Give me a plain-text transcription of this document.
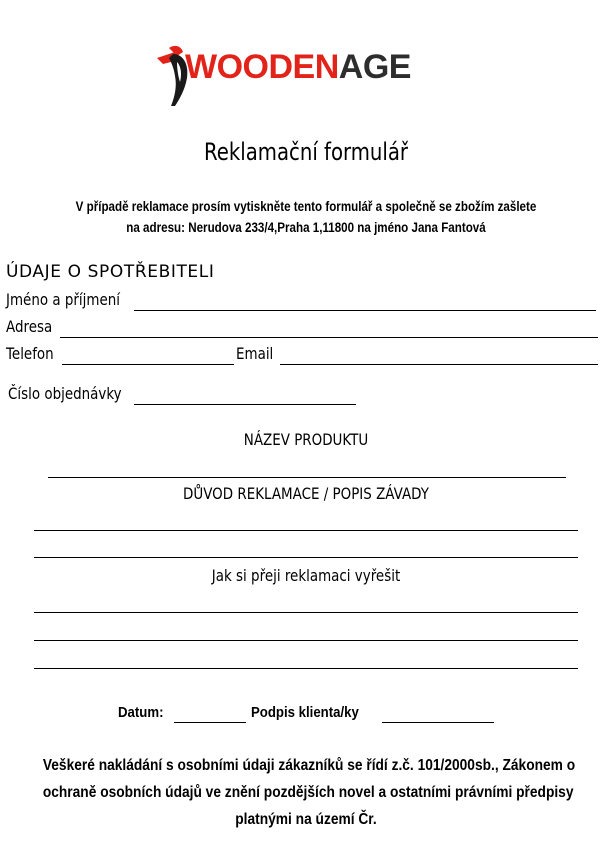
WOODENAGE
Reklamační formulář
V případě reklamace prosím vytiskněte tento formulář a společně se zbožím zašlete
na adresu: Nerudova 233/4,Praha 1,11800 na jméno Jana Fantová
ÚDAJE O SPOTŘEBITELI
Jméno a příjmení
Adresa
Telefon	Email
Číslo objednávky
NÁZEV PRODUKTU
DŮVOD REKLAMACE / POPIS ZÁVADY
Jak si přeji reklamaci vyřešit
Datum:	Podpis klienta/ky
Veškeré nakládání s osobními údaji zákazníků se řídí z.č. 101/2000sb., Zákonem o
ochraně osobních údajů ve znění pozdějších novel a ostatními právními předpisy
platnými na území Čr.
